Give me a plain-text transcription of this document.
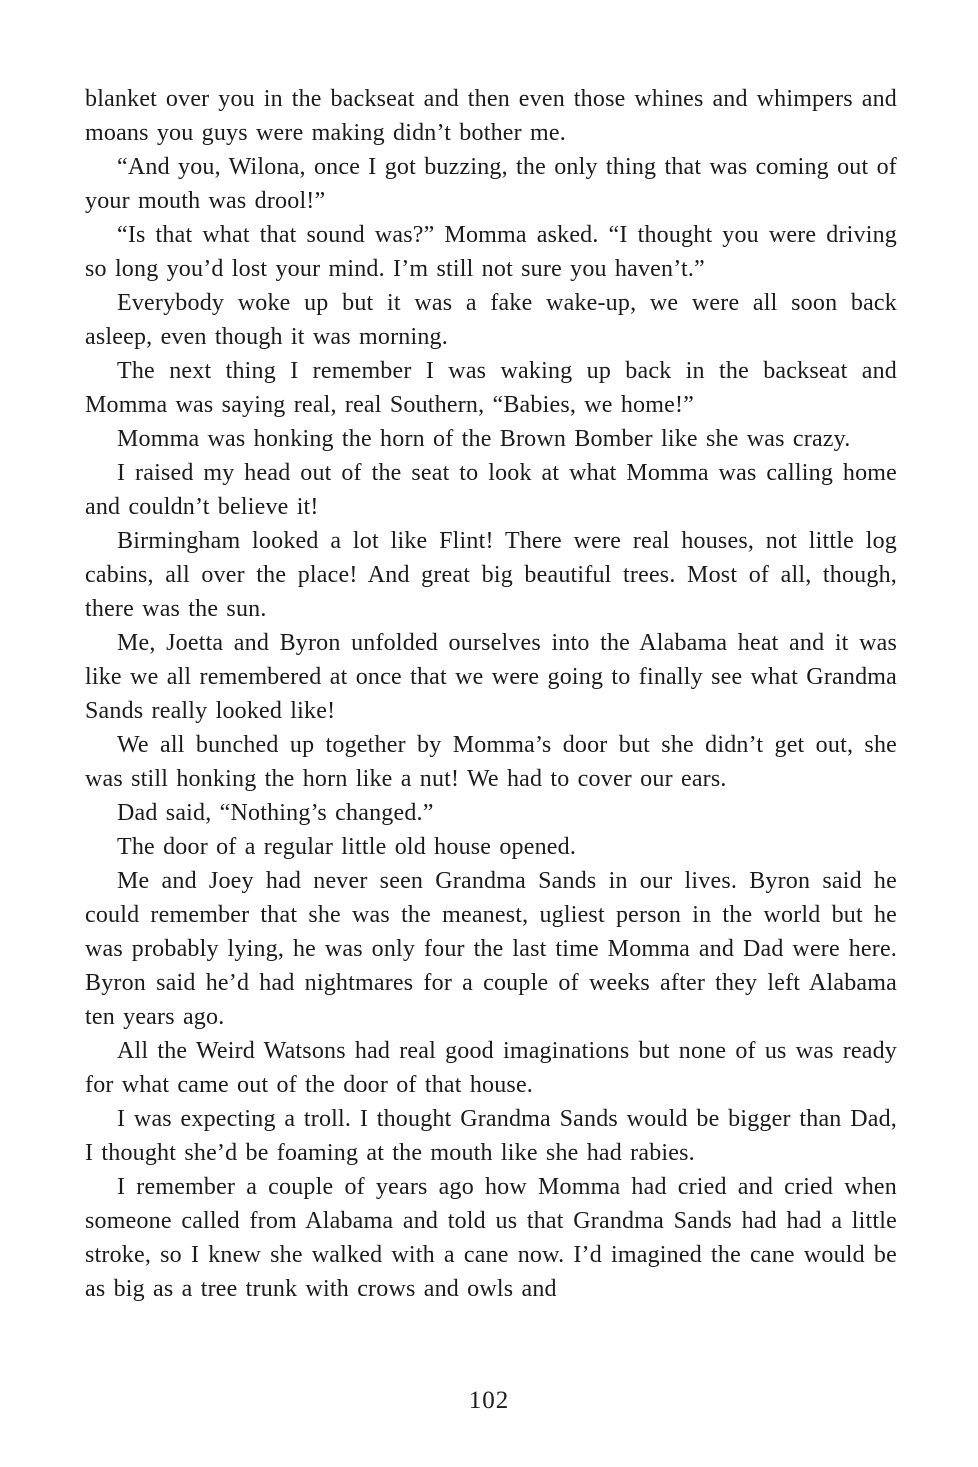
blanket over you in the backseat and then even those whines and whimpers and moans you guys were making didn’t bother me.

“And you, Wilona, once I got buzzing, the only thing that was coming out of your mouth was drool!”

“Is that what that sound was?” Momma asked. “I thought you were driving so long you’d lost your mind. I’m still not sure you haven’t.”

Everybody woke up but it was a fake wake-up, we were all soon back asleep, even though it was morning.

The next thing I remember I was waking up back in the backseat and Momma was saying real, real Southern, “Babies, we home!”

Momma was honking the horn of the Brown Bomber like she was crazy.

I raised my head out of the seat to look at what Momma was calling home and couldn’t believe it!

Birmingham looked a lot like Flint! There were real houses, not little log cabins, all over the place! And great big beautiful trees. Most of all, though, there was the sun.

Me, Joetta and Byron unfolded ourselves into the Alabama heat and it was like we all remembered at once that we were going to finally see what Grandma Sands really looked like!

We all bunched up together by Momma’s door but she didn’t get out, she was still honking the horn like a nut! We had to cover our ears.

Dad said, “Nothing’s changed.”

The door of a regular little old house opened.

Me and Joey had never seen Grandma Sands in our lives. Byron said he could remember that she was the meanest, ugliest person in the world but he was probably lying, he was only four the last time Momma and Dad were here. Byron said he’d had nightmares for a couple of weeks after they left Alabama ten years ago.

All the Weird Watsons had real good imaginations but none of us was ready for what came out of the door of that house.

I was expecting a troll. I thought Grandma Sands would be bigger than Dad, I thought she’d be foaming at the mouth like she had rabies.

I remember a couple of years ago how Momma had cried and cried when someone called from Alabama and told us that Grandma Sands had had a little stroke, so I knew she walked with a cane now. I’d imagined the cane would be as big as a tree trunk with crows and owls and

102
